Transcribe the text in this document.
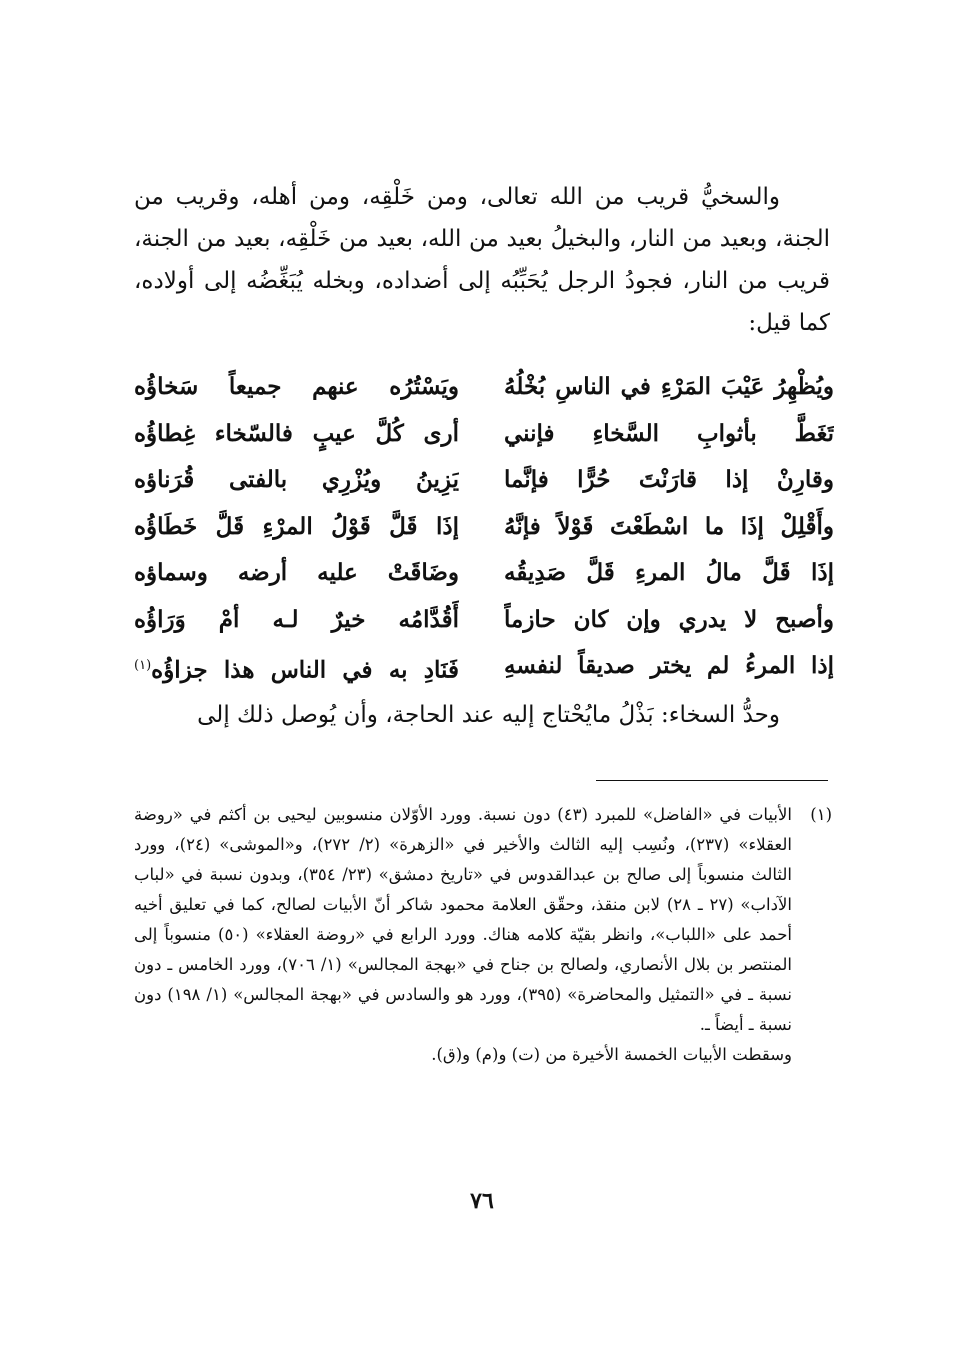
والسخيُّ قريب من الله تعالى، ومن خَلْقِه، ومن أهله، وقريب من الجنة، وبعيد من النار، والبخيلُ بعيد من الله، بعيد من خَلْقِه، بعيد من الجنة، قريب من النار، فجودُ الرجل يُحَبِّبُه إلى أضداده، وبخله يُبَغِّضُه إلى أولاده، كما قيل:

ويُظْهِرُ عَيْبَ المَرْءِ في الناسِ بُخْلُهُ
ويَسْتُرُه عنهم جميعاً سَخاؤُه
تَغَطَّ بأثوابِ السَّخاءِ فإنني
أرى كُلَّ عيبٍ فالسّخاء غِطاؤُه
وقارِنْ إذا قارَنْتَ حُرًّا فإنَّما
يَزِينُ ويُزْرِي بالفتى قُرَناؤه
وأَقْلِلْ إذَا ما اسْطَعْتَ قَوْلاً فإنَّهُ
إذَا قَلَّ قَوْلُ المرْءِ قَلَّ خَطَاؤُه
إذَا قَلَّ مالُ المرءِ قَلَّ صَدِيقُه
وضَاقَتْ عليه أرضه وسماؤه
وأصبح لا يدري وإن كان حازماً
أَقُدَّامُه خيرٌ لـه أمْ وَرَاؤُه
إذا المرءُ لم يختر صديقاً لنفسهِ
فَنَادِ به في الناس هذا جزاؤُه$^{(١)}$
وحدُّ السخاء: بَذْلُ مايُحْتاج إليه عند الحاجة، وأن يُوصل ذلك إلى
(١)

الأبيات في «الفاضل» للمبرد (٤٣) دون نسبة. وورد الأوّلان منسوبين ليحيى بن أكثم في «روضة العقلاء» (٢٣٧)، ونُسِب إليه الثالث والأخير في «الزهرة» (٢/ ٢٧٢)، و«الموشى» (٢٤)، وورد الثالث منسوباً إلى صالح بن عبدالقدوس في «تاريخ دمشق» (٢٣/ ٣٥٤)، وبدون نسبة في «لباب الآداب» (٢٧ ـ ٢٨) لابن منقذ، وحقّق العلامة محمود شاكر أنّ الأبيات لصالح، كما في تعليق أخيه أحمد على «اللباب»، وانظر بقيّة كلامه هناك. وورد الرابع في «روضة العقلاء» (٥٠) منسوباً إلى المنتصر بن بلال الأنصاري، ولصالح بن جناح في «بهجة المجالس» (١/ ٧٠٦)، وورد الخامس ـ دون نسبة ـ في «التمثيل والمحاضرة» (٣٩٥)، وورد هو والسادس في «بهجة المجالس» (١/ ١٩٨) دون نسبة ـ أيضاً ـ.

وسقطت الأبيات الخمسة الأخيرة من (ت) و(م) و(ق).

٧٦
